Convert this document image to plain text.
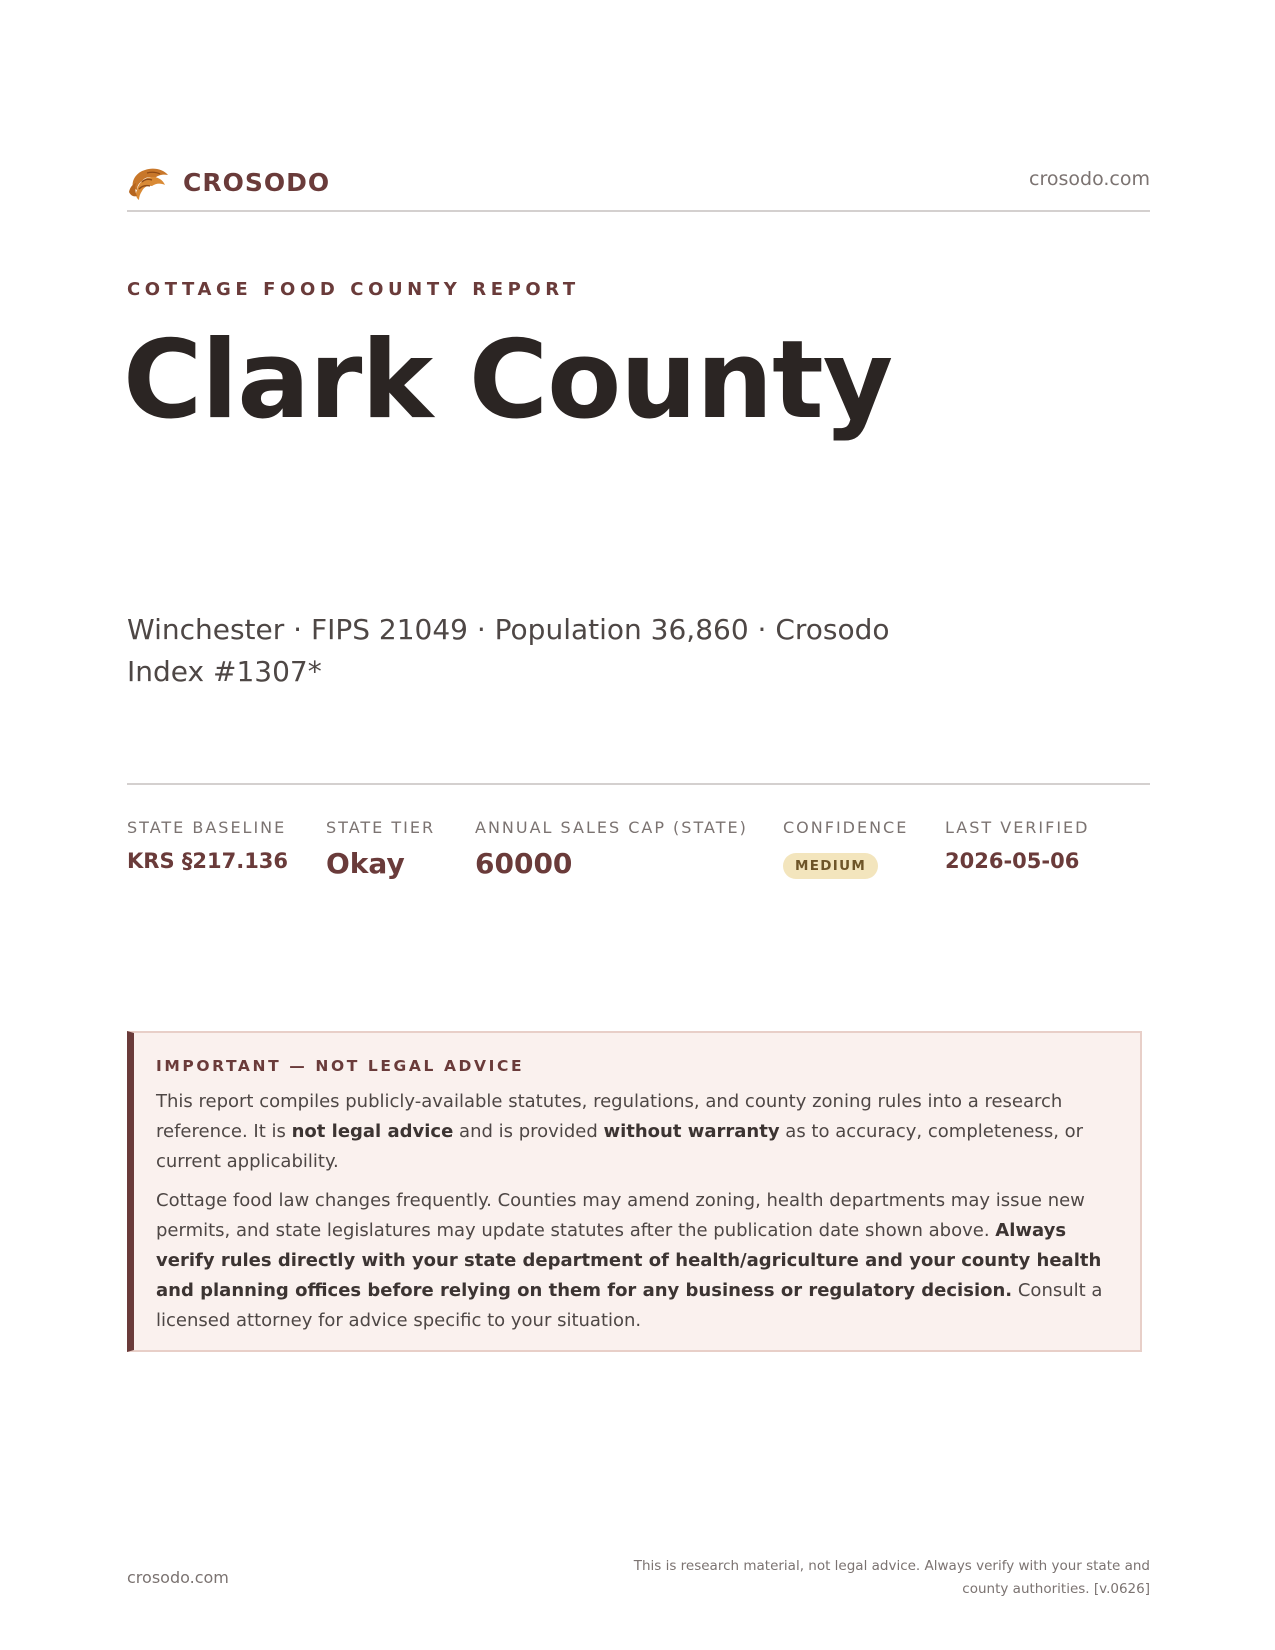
CROSODO	crosodo.com
COTTAGE FOOD COUNTY REPORT
Clark County
Winchester · FIPS 21049 · Population 36,860 · Crosodo Index #1307*
STATE BASELINE
KRS §217.136
STATE TIER
Okay
ANNUAL SALES CAP (STATE)
60000
CONFIDENCE
MEDIUM
LAST VERIFIED
2026-05-06
IMPORTANT — NOT LEGAL ADVICE

This report compiles publicly-available statutes, regulations, and county zoning rules into a research reference. It is not legal advice and is provided without warranty as to accuracy, completeness, or current applicability.

Cottage food law changes frequently. Counties may amend zoning, health departments may issue new permits, and state legislatures may update statutes after the publication date shown above. Always verify rules directly with your state department of health/agriculture and your county health and planning offices before relying on them for any business or regulatory decision. Consult a licensed attorney for advice specific to your situation.

crosodo.com
This is research material, not legal advice. Always verify with your state and county authorities. [v.0626]
